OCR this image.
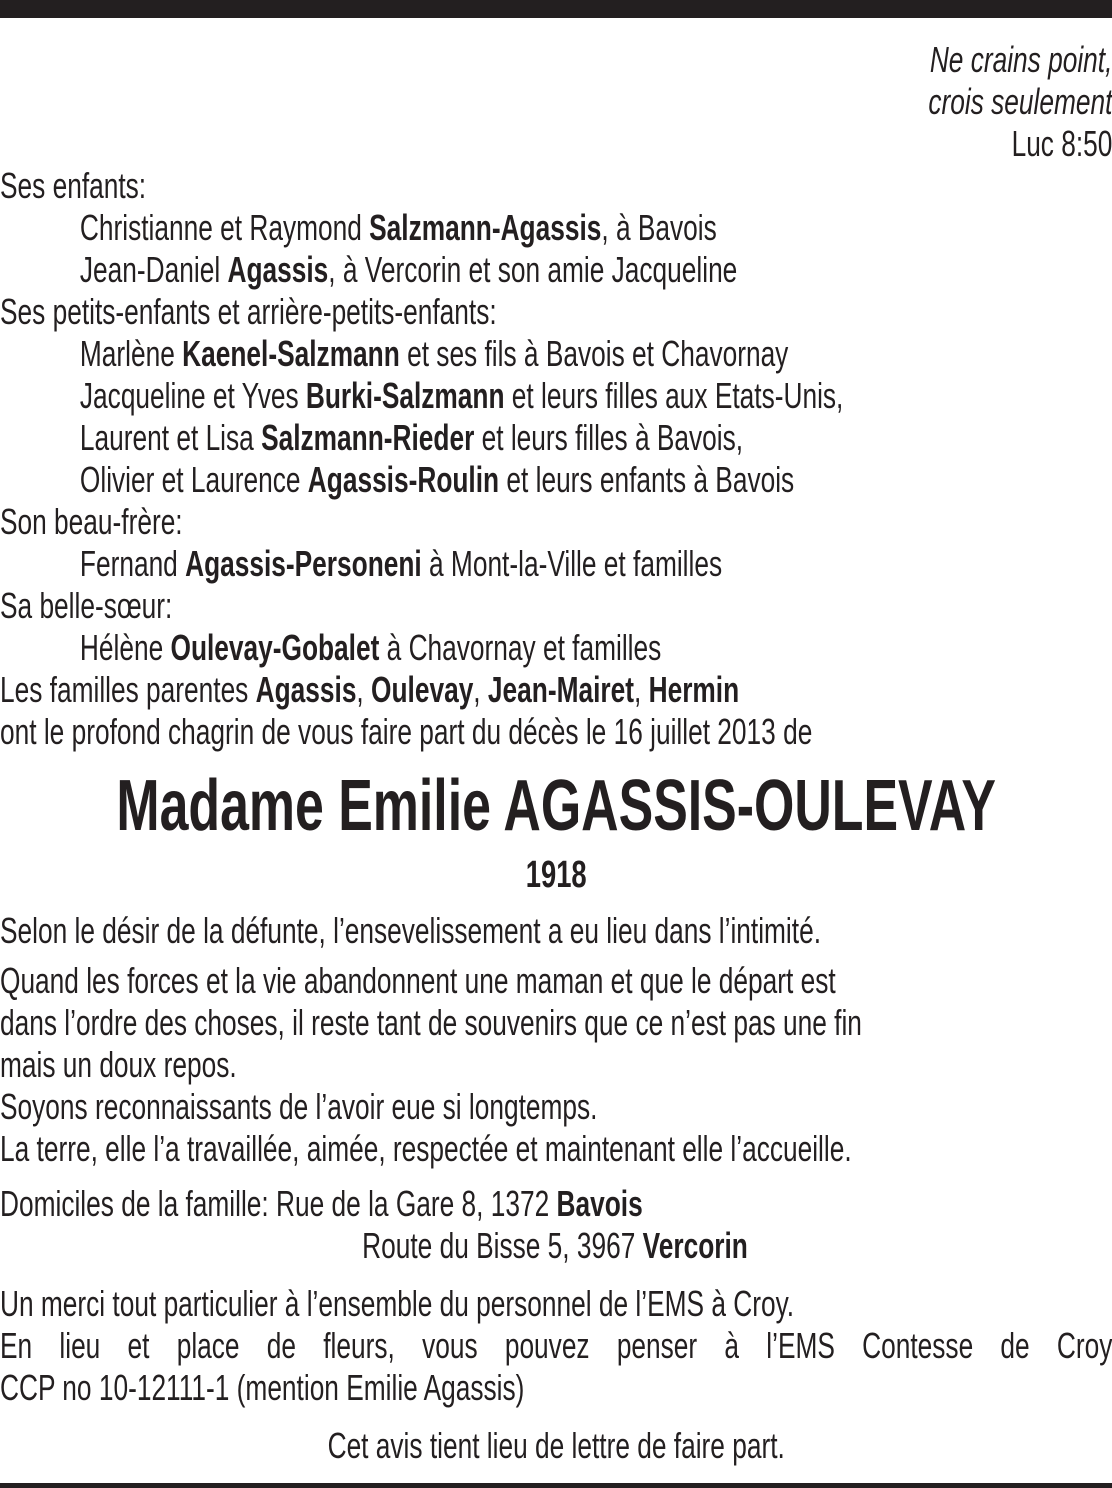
Ne crains point,
crois seulement
Luc 8:50
Ses enfants:
Christianne et Raymond Salzmann-Agassis, à Bavois
Jean-Daniel Agassis, à Vercorin et son amie Jacqueline
Ses petits-enfants et arrière-petits-enfants:
Marlène Kaenel-Salzmann et ses fils à Bavois et Chavornay
Jacqueline et Yves Burki-Salzmann et leurs filles aux Etats-Unis,
Laurent et Lisa Salzmann-Rieder et leurs filles à Bavois,
Olivier et Laurence Agassis-Roulin et leurs enfants à Bavois
Son beau-frère:
Fernand Agassis-Personeni à Mont-la-Ville et familles
Sa belle-sœur:
Hélène Oulevay-Gobalet à Chavornay et familles
Les familles parentes Agassis, Oulevay, Jean-Mairet, Hermin
ont le profond chagrin de vous faire part du décès le 16 juillet 2013 de
Madame Emilie AGASSIS-OULEVAY
1918
Selon le désir de la défunte, l’ensevelissement a eu lieu dans l’intimité.
Quand les forces et la vie abandonnent une maman et que le départ est
dans l’ordre des choses, il reste tant de souvenirs que ce n’est pas une fin
mais un doux repos.
Soyons reconnaissants de l’avoir eue si longtemps.
La terre, elle l’a travaillée, aimée, respectée et maintenant elle l’accueille.
Domiciles de la famille: Rue de la Gare 8, 1372 Bavois
Route du Bisse 5, 3967 Vercorin
Un merci tout particulier à l’ensemble du personnel de l’EMS à Croy.
En lieu et place de fleurs, vous pouvez penser à l’EMS Contesse de Croy
CCP no 10-12111-1 (mention Emilie Agassis)
Cet avis tient lieu de lettre de faire part.
